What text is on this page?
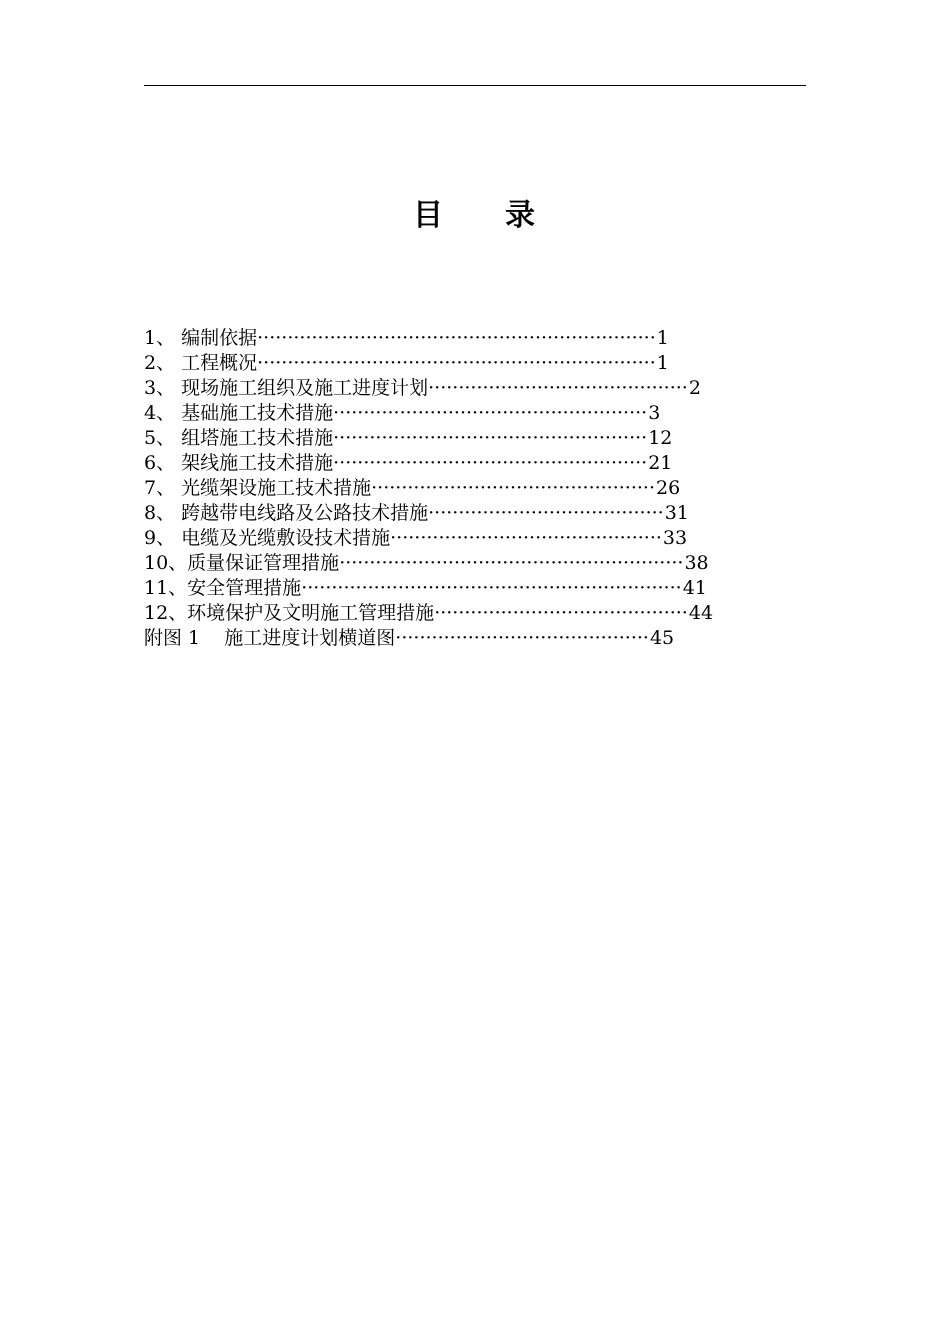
目 录
1、 编制依据··································································1
2、 工程概况··································································1
3、 现场施工组织及施工进度计划···········································2
4、 基础施工技术措施····················································3
5、 组塔施工技术措施····················································12
6、 架线施工技术措施····················································21
7、 光缆架设施工技术措施···············································26
8、 跨越带电线路及公路技术措施·······································31
9、 电缆及光缆敷设技术措施·············································33
10、质量保证管理措施·························································38
11、安全管理措施·······························································41
12、环境保护及文明施工管理措施··········································44
附图 1    施工进度计划横道图··········································45
